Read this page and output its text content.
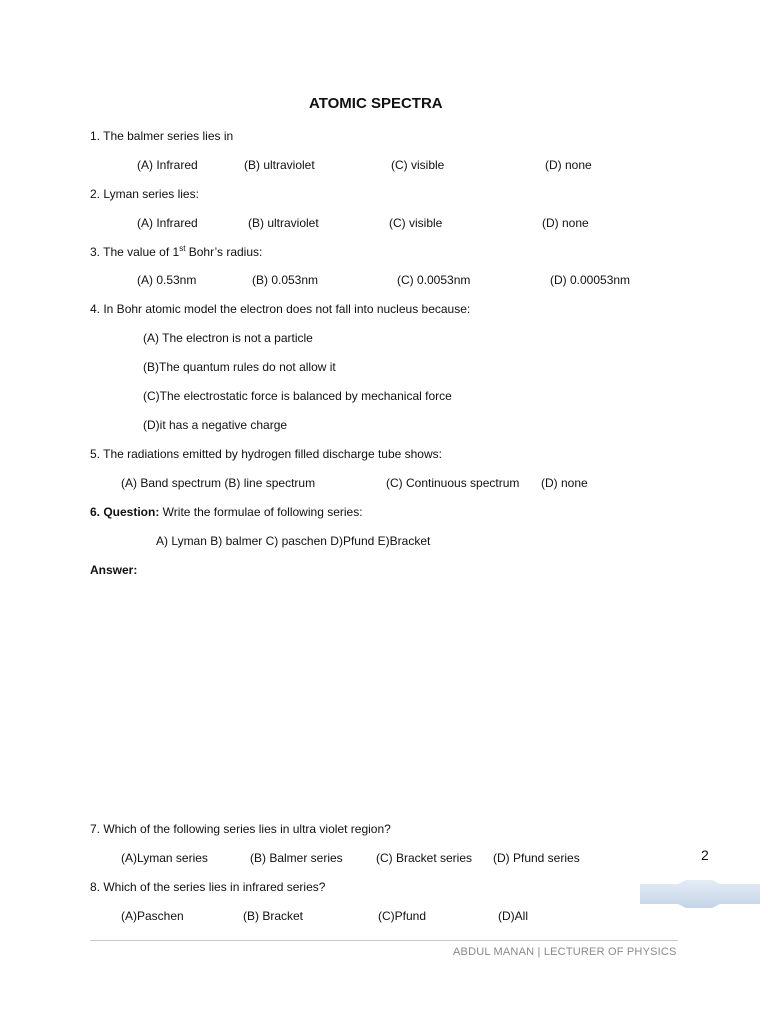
ATOMIC SPECTRA
1. The balmer series lies in
(A) Infrared	(B) ultraviolet	(C) visible	(D) none
2. Lyman series lies:
(A) Infrared	(B) ultraviolet	(C) visible	(D) none
3. The value of 1st Bohr’s radius:
(A) 0.53nm	(B) 0.053nm	(C) 0.0053nm	(D) 0.00053nm
4. In Bohr atomic model the electron does not fall into nucleus because:
(A) The electron is not a particle
(B)The quantum rules do not allow it
(C)The electrostatic force is balanced by mechanical force
(D)it has a negative charge
5. The radiations emitted by hydrogen filled discharge tube shows:
(A) Band spectrum (B) line spectrum	(C) Continuous spectrum (D) none
6. Question: Write the formulae of following series:
A) Lyman B) balmer C) paschen D)Pfund E)Bracket
Answer:
7. Which of the following series lies in ultra violet region?
(A)Lyman series	(B) Balmer series	(C) Bracket series (D) Pfund series	2
8. Which of the series lies in infrared series?
(A)Paschen	(B) Bracket	(C)Pfund	(D)All
ABDUL MANAN | LECTURER OF PHYSICS
